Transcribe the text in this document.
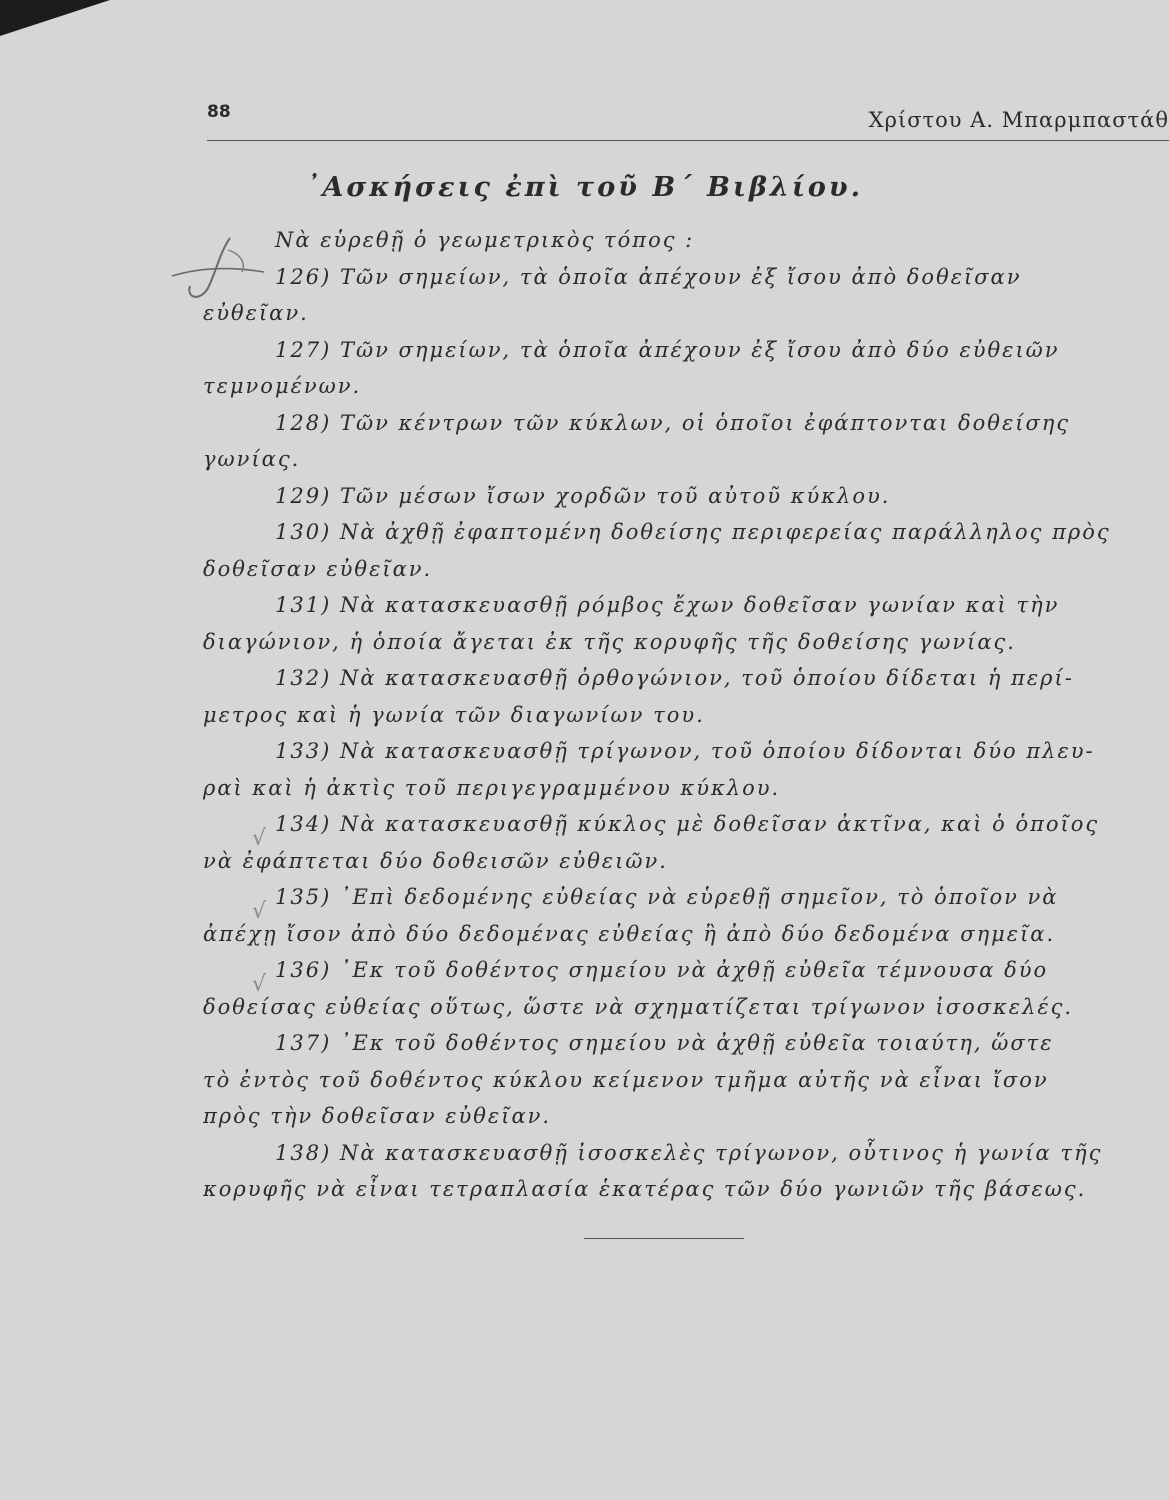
88	Χρίστου Α. Μπαρμπαστάθ
᾿Ασκήσεις ἐπὶ τοῦ Β΄ Βιβλίου.

Νὰ εὑρεθῇ ὁ γεωμετρικὸς τόπος :

126) Τῶν σημείων, τὰ ὁποῖα ἀπέχουν ἐξ ἴσου ἀπὸ δοθεῖσαν

εὐθεῖαν.

127) Τῶν σημείων, τὰ ὁποῖα ἀπέχουν ἐξ ἴσου ἀπὸ δύο εὐθειῶν

τεμνομένων.

128) Τῶν κέντρων τῶν κύκλων, οἱ ὁποῖοι ἐφάπτονται δοθείσης

γωνίας.

129) Τῶν μέσων ἴσων χορδῶν τοῦ αὐτοῦ κύκλου.

130) Νὰ ἀχθῇ ἐφαπτομένη δοθείσης περιφερείας παράλληλος πρὸς

δοθεῖσαν εὐθεῖαν.

131) Νὰ κατασκευασθῇ ρόμβος ἔχων δοθεῖσαν γωνίαν καὶ τὴν

διαγώνιον, ἡ ὁποία ἄγεται ἐκ τῆς κορυφῆς τῆς δοθείσης γωνίας.

132) Νὰ κατασκευασθῇ ὀρθογώνιον, τοῦ ὁποίου δίδεται ἡ περί-

μετρος καὶ ἡ γωνία τῶν διαγωνίων του.

133) Νὰ κατασκευασθῇ τρίγωνον, τοῦ ὁποίου δίδονται δύο πλευ-

ραὶ καὶ ἡ ἀκτὶς τοῦ περιγεγραμμένου κύκλου.

134) Νὰ κατασκευασθῇ κύκλος μὲ δοθεῖσαν ἀκτῖνα, καὶ ὁ ὁποῖος

νὰ ἐφάπτεται δύο δοθεισῶν εὐθειῶν.

135) ᾿Επὶ δεδομένης εὐθείας νὰ εὑρεθῇ σημεῖον, τὸ ὁποῖον νὰ

ἀπέχῃ ἴσον ἀπὸ δύο δεδομένας εὐθείας ἢ ἀπὸ δύο δεδομένα σημεῖα.

136) ᾿Εκ τοῦ δοθέντος σημείου νὰ ἀχθῇ εὐθεῖα τέμνουσα δύο

δοθείσας εὐθείας οὕτως, ὥστε νὰ σχηματίζεται τρίγωνον ἰσοσκελές.

137) ᾿Εκ τοῦ δοθέντος σημείου νὰ ἀχθῇ εὐθεῖα τοιαύτη, ὥστε

τὸ ἐντὸς τοῦ δοθέντος κύκλου κείμενον τμῆμα αὐτῆς νὰ εἶναι ἴσον

πρὸς τὴν δοθεῖσαν εὐθεῖαν.

138) Νὰ κατασκευασθῇ ἰσοσκελὲς τρίγωνον, οὗτινος ἡ γωνία τῆς

κορυφῆς νὰ εἶναι τετραπλασία ἑκατέρας τῶν δύο γωνιῶν τῆς βάσεως.

√
√
√
